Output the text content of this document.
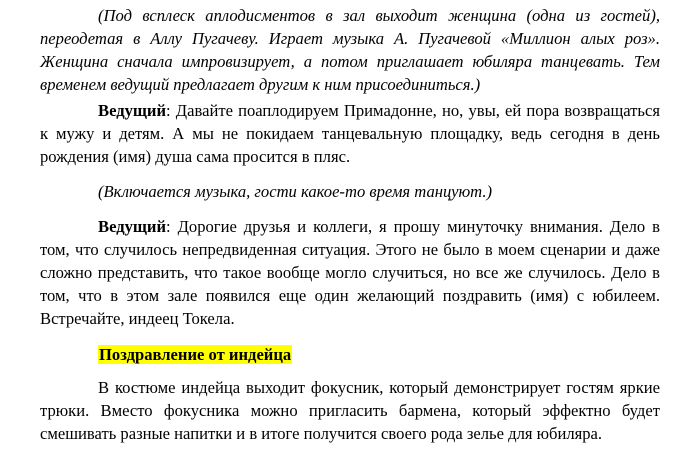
(Под всплеск аплодисментов в зал выходит женщина (одна из гостей), переодетая в Аллу Пугачеву. Играет музыка А. Пугачевой «Миллион алых роз». Женщина сначала импровизирует, а потом приглашает юбиляра танцевать. Тем временем ведущий предлагает другим к ним присоединиться.)

Ведущий: Давайте поаплодируем Примадонне, но, увы, ей пора возвращаться к мужу и детям. А мы не покидаем танцевальную площадку, ведь сегодня в день рождения (имя) душа сама просится в пляс.

(Включается музыка, гости какое-то время танцуют.)

Ведущий: Дорогие друзья и коллеги, я прошу минуточку внимания. Дело в том, что случилось непредвиденная ситуация. Этого не было в моем сценарии и даже сложно представить, что такое вообще могло случиться, но все же случилось. Дело в том, что в этом зале появился еще один желающий поздравить (имя) с юбилеем. Встречайте, индеец Токела.

Поздравление от индейца

В костюме индейца выходит фокусник, который демонстрирует гостям яркие трюки. Вместо фокусника можно пригласить бармена, который эффектно будет смешивать разные напитки и в итоге получится своего рода зелье для юбиляра.
